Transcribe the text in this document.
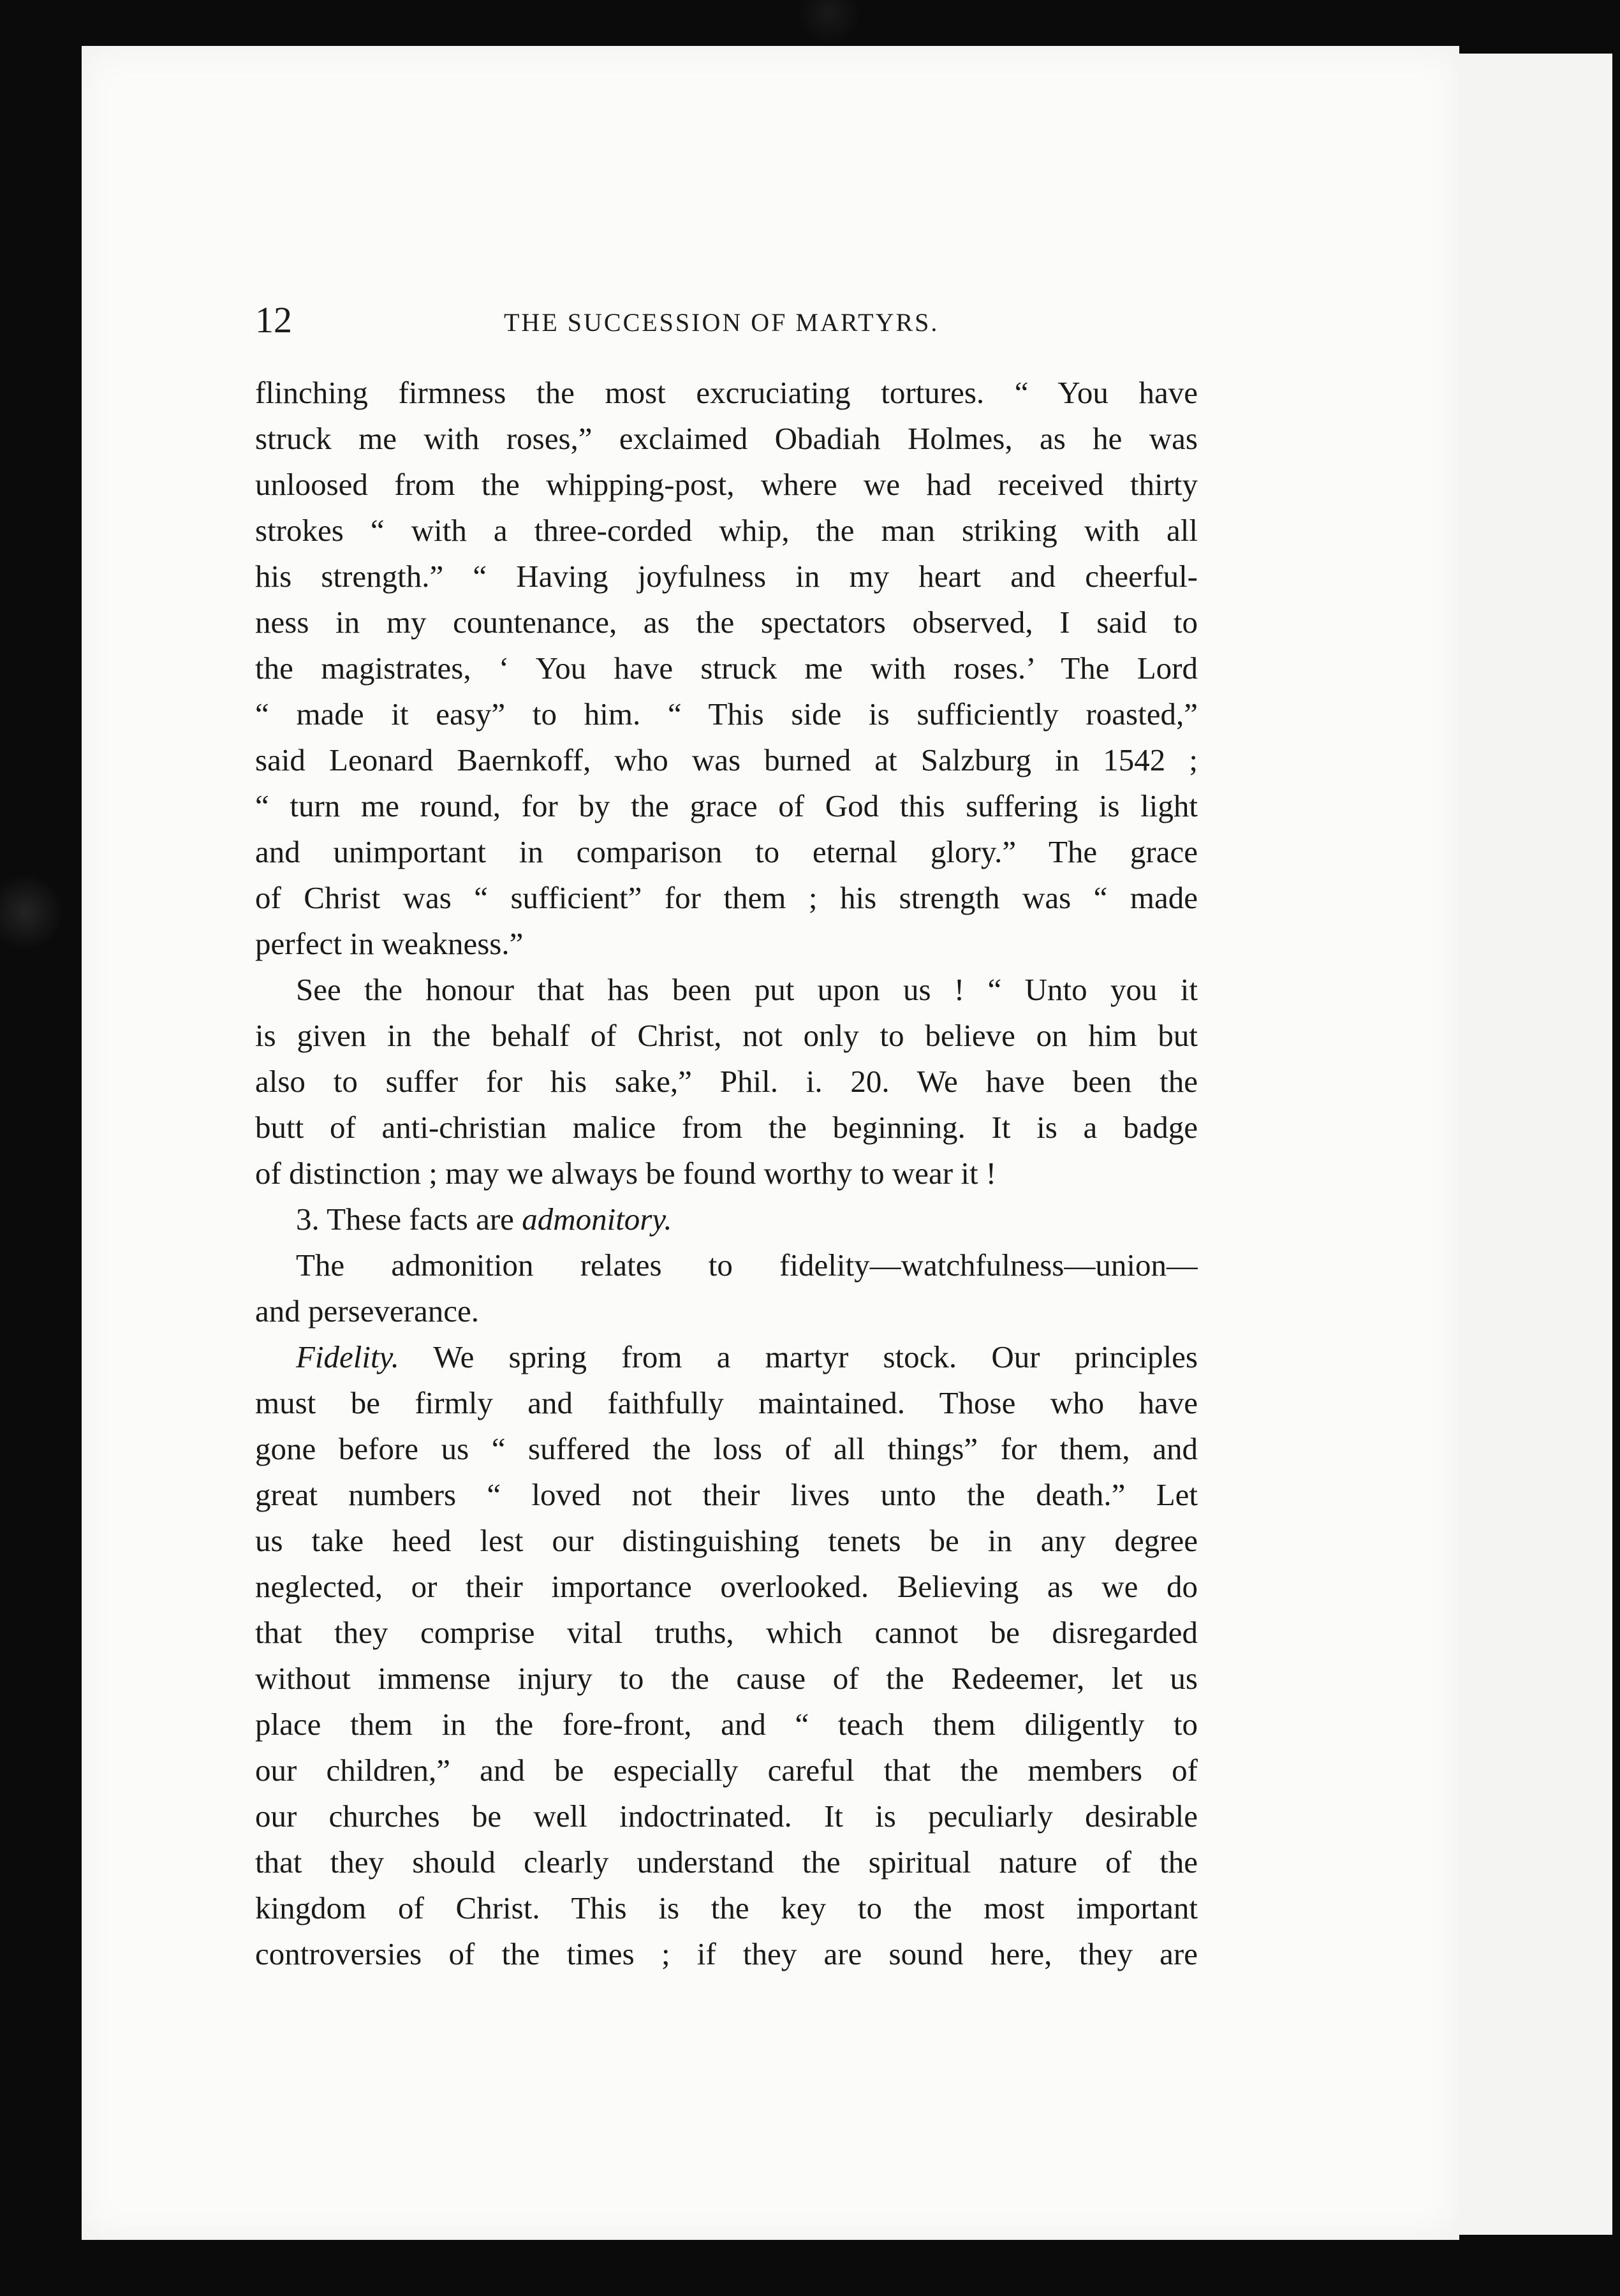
12	THE SUCCESSION OF MARTYRS.
flinching firmness the most excruciating tortures. “ You have
struck me with roses,” exclaimed Obadiah Holmes, as he was
unloosed from the whipping-post, where we had received thirty
strokes “ with a three-corded whip, the man striking with all
his strength.” “ Having joyfulness in my heart and cheerful-
ness in my countenance, as the spectators observed, I said to
the magistrates, ‘ You have struck me with roses.’ The Lord
“ made it easy” to him. “ This side is sufficiently roasted,”
said Leonard Baernkoff, who was burned at Salzburg in 1542 ;
“ turn me round, for by the grace of God this suffering is light
and unimportant in comparison to eternal glory.” The grace
of Christ was “ sufficient” for them ; his strength was “ made
perfect in weakness.”
See the honour that has been put upon us ! “ Unto you it
is given in the behalf of Christ, not only to believe on him but
also to suffer for his sake,” Phil. i. 20. We have been the
butt of anti-christian malice from the beginning. It is a badge
of distinction ; may we always be found worthy to wear it !
3. These facts are admonitory.
The admonition relates to fidelity—watchfulness—union—
and perseverance.
Fidelity. We spring from a martyr stock. Our principles
must be firmly and faithfully maintained. Those who have
gone before us “ suffered the loss of all things” for them, and
great numbers “ loved not their lives unto the death.” Let
us take heed lest our distinguishing tenets be in any degree
neglected, or their importance overlooked. Believing as we do
that they comprise vital truths, which cannot be disregarded
without immense injury to the cause of the Redeemer, let us
place them in the fore-front, and “ teach them diligently to
our children,” and be especially careful that the members of
our churches be well indoctrinated. It is peculiarly desirable
that they should clearly understand the spiritual nature of the
kingdom of Christ. This is the key to the most important
controversies of the times ; if they are sound here, they are
